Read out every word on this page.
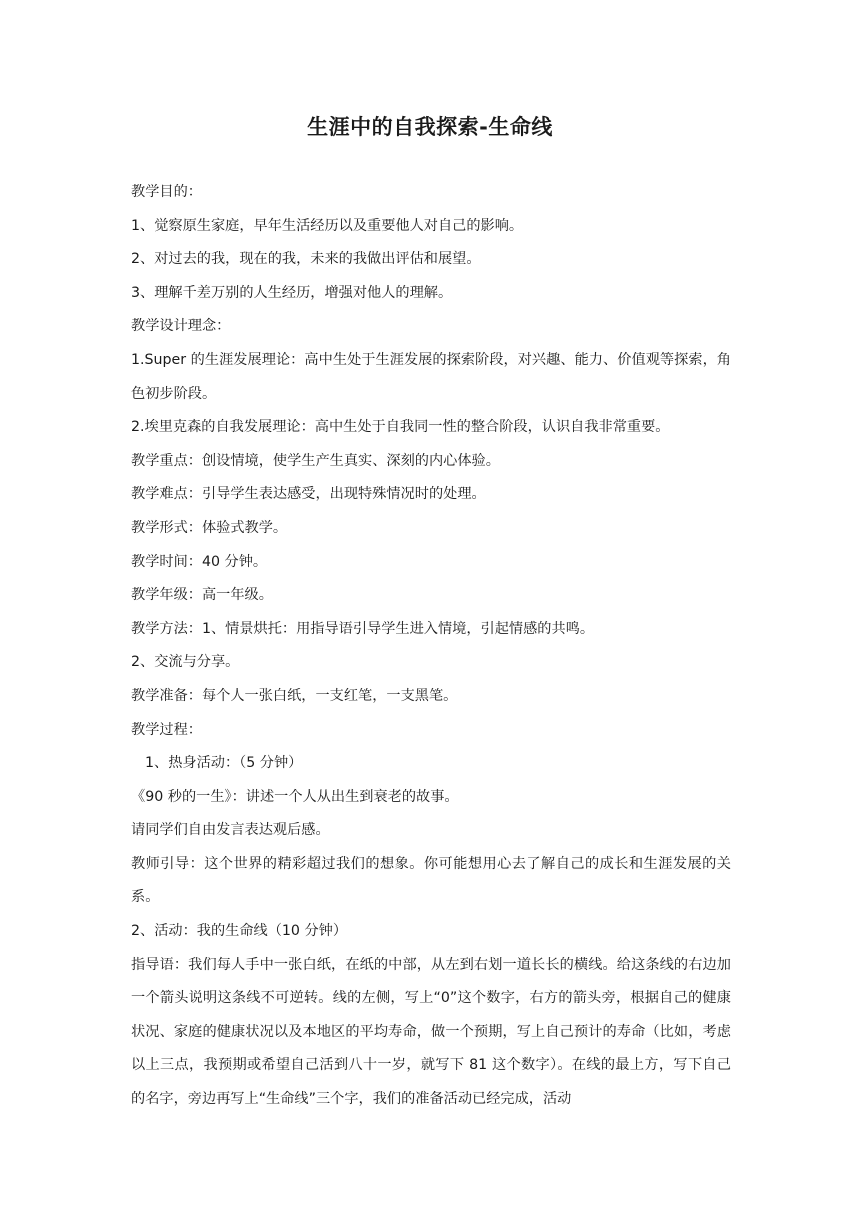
生涯中的自我探索-生命线

教学目的：

1、觉察原生家庭，早年生活经历以及重要他人对自己的影响。

2、对过去的我，现在的我，未来的我做出评估和展望。

3、理解千差万别的人生经历，增强对他人的理解。

教学设计理念：

1.Super 的生涯发展理论：高中生处于生涯发展的探索阶段，对兴趣、能力、价值观等探索，角色初步阶段。

2.埃里克森的自我发展理论：高中生处于自我同一性的整合阶段，认识自我非常重要。

教学重点：创设情境，使学生产生真实、深刻的内心体验。

教学难点：引导学生表达感受，出现特殊情况时的处理。

教学形式：体验式教学。

教学时间：40 分钟。

教学年级：高一年级。

教学方法：1、情景烘托：用指导语引导学生进入情境，引起情感的共鸣。

2、交流与分享。

教学准备：每个人一张白纸，一支红笔，一支黑笔。

教学过程：

1、热身活动：（5 分钟）

《90 秒的一生》：讲述一个人从出生到衰老的故事。

请同学们自由发言表达观后感。

教师引导：这个世界的精彩超过我们的想象。你可能想用心去了解自己的成长和生涯发展的关系。

2、活动：我的生命线（10 分钟）

指导语：我们每人手中一张白纸，在纸的中部，从左到右划一道长长的横线。给这条线的右边加一个箭头说明这条线不可逆转。线的左侧，写上“0”这个数字，右方的箭头旁，根据自己的健康状况、家庭的健康状况以及本地区的平均寿命，做一个预期，写上自己预计的寿命（比如，考虑以上三点，我预期或希望自己活到八十一岁，就写下 81 这个数字）。在线的最上方，写下自己的名字，旁边再写上“生命线”三个字，我们的准备活动已经完成，活动
